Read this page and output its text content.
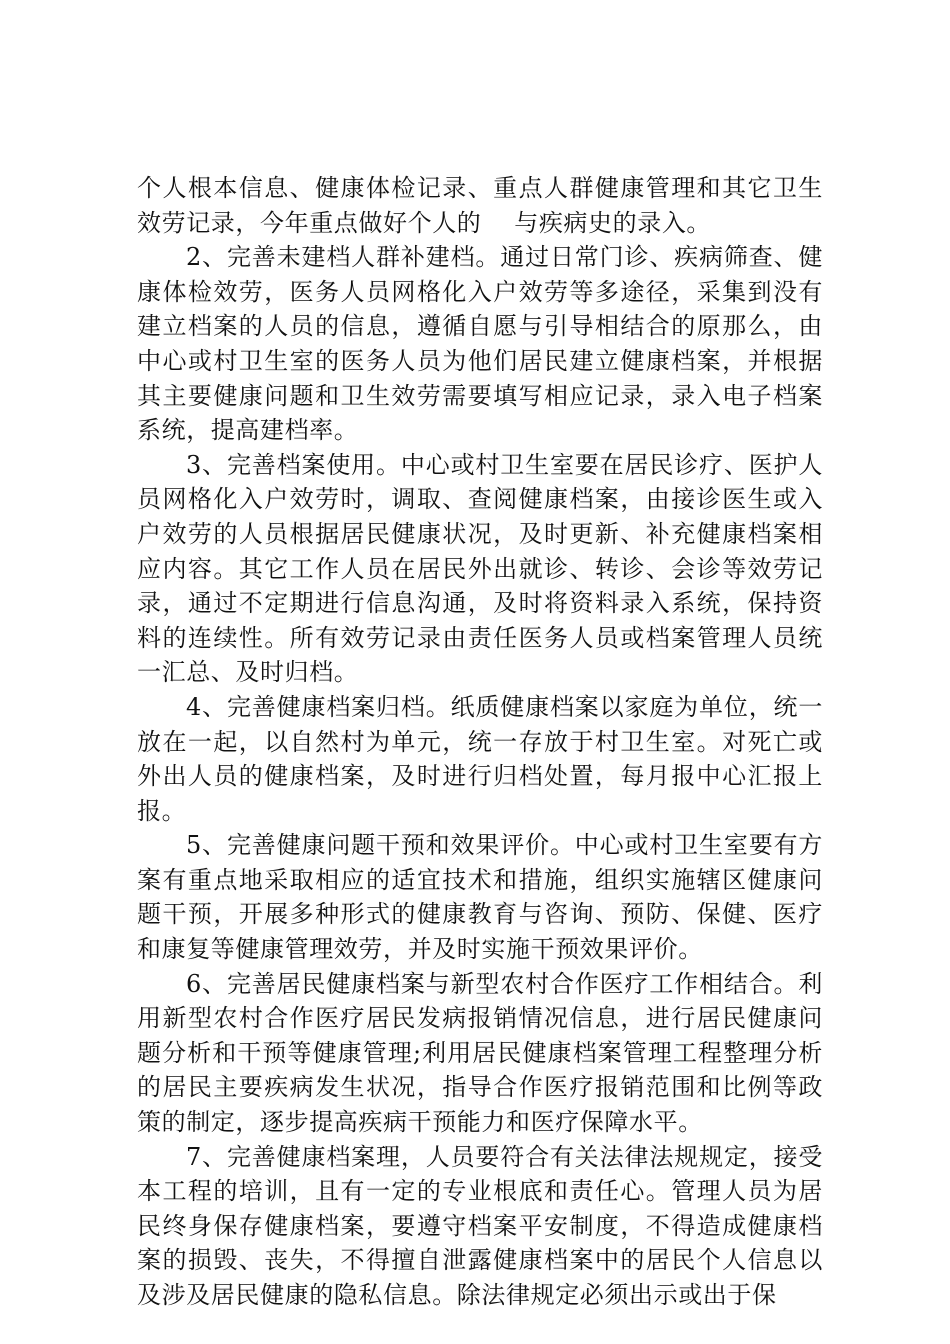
个人根本信息、健康体检记录、重点人群健康管理和其它卫生效劳记录，今年重点做好个人的　 与疾病史的录入。

2、完善未建档人群补建档。通过日常门诊、疾病筛查、健康体检效劳，医务人员网格化入户效劳等多途径，采集到没有建立档案的人员的信息，遵循自愿与引导相结合的原那么，由中心或村卫生室的医务人员为他们居民建立健康档案，并根据其主要健康问题和卫生效劳需要填写相应记录，录入电子档案系统，提高建档率。

3、完善档案使用。中心或村卫生室要在居民诊疗、医护人员网格化入户效劳时，调取、查阅健康档案，由接诊医生或入户效劳的人员根据居民健康状况，及时更新、补充健康档案相应内容。其它工作人员在居民外出就诊、转诊、会诊等效劳记录，通过不定期进行信息沟通，及时将资料录入系统，保持资料的连续性。所有效劳记录由责任医务人员或档案管理人员统一汇总、及时归档。

4、完善健康档案归档。纸质健康档案以家庭为单位，统一放在一起，以自然村为单元，统一存放于村卫生室。对死亡或外出人员的健康档案，及时进行归档处置，每月报中心汇报上报。

5、完善健康问题干预和效果评价。中心或村卫生室要有方案有重点地采取相应的适宜技术和措施，组织实施辖区健康问题干预，开展多种形式的健康教育与咨询、预防、保健、医疗和康复等健康管理效劳，并及时实施干预效果评价。

6、完善居民健康档案与新型农村合作医疗工作相结合。利用新型农村合作医疗居民发病报销情况信息，进行居民健康问题分析和干预等健康管理;利用居民健康档案管理工程整理分析的居民主要疾病发生状况，指导合作医疗报销范围和比例等政策的制定，逐步提高疾病干预能力和医疗保障水平。

7、完善健康档案理，人员要符合有关法律法规规定，接受本工程的培训，且有一定的专业根底和责任心。管理人员为居民终身保存健康档案，要遵守档案平安制度，不得造成健康档案的损毁、丧失，不得擅自泄露健康档案中的居民个人信息以及涉及居民健康的隐私信息。除法律规定必须出示或出于保
